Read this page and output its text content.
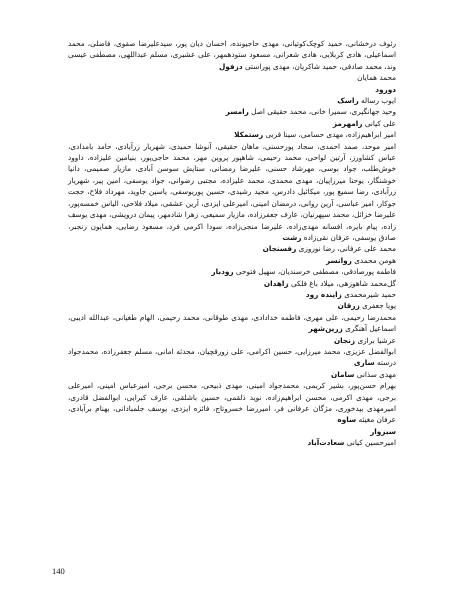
رئوف درخشانی، حمید کوچک‌کوتیانی، مهدی حاجیونده، احسان دیان پور، سیدعلیرضا صفوی، فاضلی، محمد اسماعیلی، هادی کربلایی، هادی شعرانی، مسعود ستودهمهر، علی عشیری، مسلم عبداللهی، مصطفی عیسی وند، محمد صادقی، حمید شاکریان، مهدی پوراستی دزفول

محمد همایان

دورود

ایوب رساله راسک

وحید جهانگیری، سمیرا خانی، محمد حقیقی اصل رامسر

علی کیانی رامهرمز

امیر ابراهیم‌زاده، مهدی حسامی، سینا قربی رستمکلا

امیر موحد، صمد احمدی، سجاد پورحسنی، ماهان حقیقی، آنوشا حمیدی، شهریار زرآبادی، حامد بامدادی، عباس کشاورز، آرتین لواحی، محمد رحیمی، شاهپور پروین مهر، محمد حاجی‌پور، بنیامین علیزاده، داوود خوش‌طلب، جواد بوسی، مهرشاد حسنی، علیرضا رمضانی، ستایش سوسن آبادی، مازیار صمیمی، دانیا خوشنگار، یوحنا میرزاپیان، مهدی محمدی، محمد علیزاده، مجتبی رضوانی، جواد یوسفی، امین پیر، شهریار زرآبادی، رضا سمیع پور، میکائیل دادرس، مجید رشیدی، حسین پوریوسفی، یاسین جاوید، مهرداد فلاح، حجت جوکار، امیر عباسی، آرین روانی، درمضان امینی، امیرعلی ایزدی، آرین عشقی، میلاد فلاحی، الیاس خمسه‌پور، علیرضا خزائل، محمد سپهرنیان، عارف جعفرزاده، مازیار سمیعی، زهرا شادمهر، پیمان درویشی، مهدی یوسف زاده، پیام بایره، افسانه مهدی‌زاده، علیرضا منجی‌زاده، سودا اکرمی فرد، مسعود رضایی، همایون رنجبر، صادق یوسفی، عرفان نقی‌زاده رشت

محمد علی عرفانی، رضا نوروزی رفسنجان

هومن محمدی روانسر

فاطمه پورصادقی، مصطفی خرسندیان، سهیل فتوحی رودبار

گل‌محمد شاهوزهی، میلاد باغ فلکی زاهدان

حمید شیرمحمدی زاینده رود

پویا جعفری زرقان

محمدرضا رحیمی، علی مهری، فاطمه خدادادی، مهدی طوقانی، محمد رحیمی، الهام طغیانی، عبدالله ادیبی، اسماعیل آهنگری زرین‌شهر

عرشیا برازی زنجان

ابوالفضل عزیزی، محمد میرزایی، حسین اکرامی، علی زورقچیان، محدثه امانی، مسلم جعفرزاده، محمدجواد درسته ساری

مهدی سذانی سامان

بهرام حسن‌پور، بشیر کریمی، محمدجواد امینی، مهدی ذبیحی، محسن برجی، امیرعباس امینی، امیرعلی برجی، مهدی اکرمی، محسن ابراهیم‌زاده، نوید ذلقمی، حسین باشلقی، عارف کبرایی، ابوالفضل قادری، امیرمهدی بیدخوری، مژگان عرفانی فر، امیررضا خسروتاج، فائزه ایزدی، یوسف جلمبادانی، بهنام برآبادی، عرفان مغیثه ساوه

سبزوار

امیرحسین کیانی سعادت‌آباد

140
